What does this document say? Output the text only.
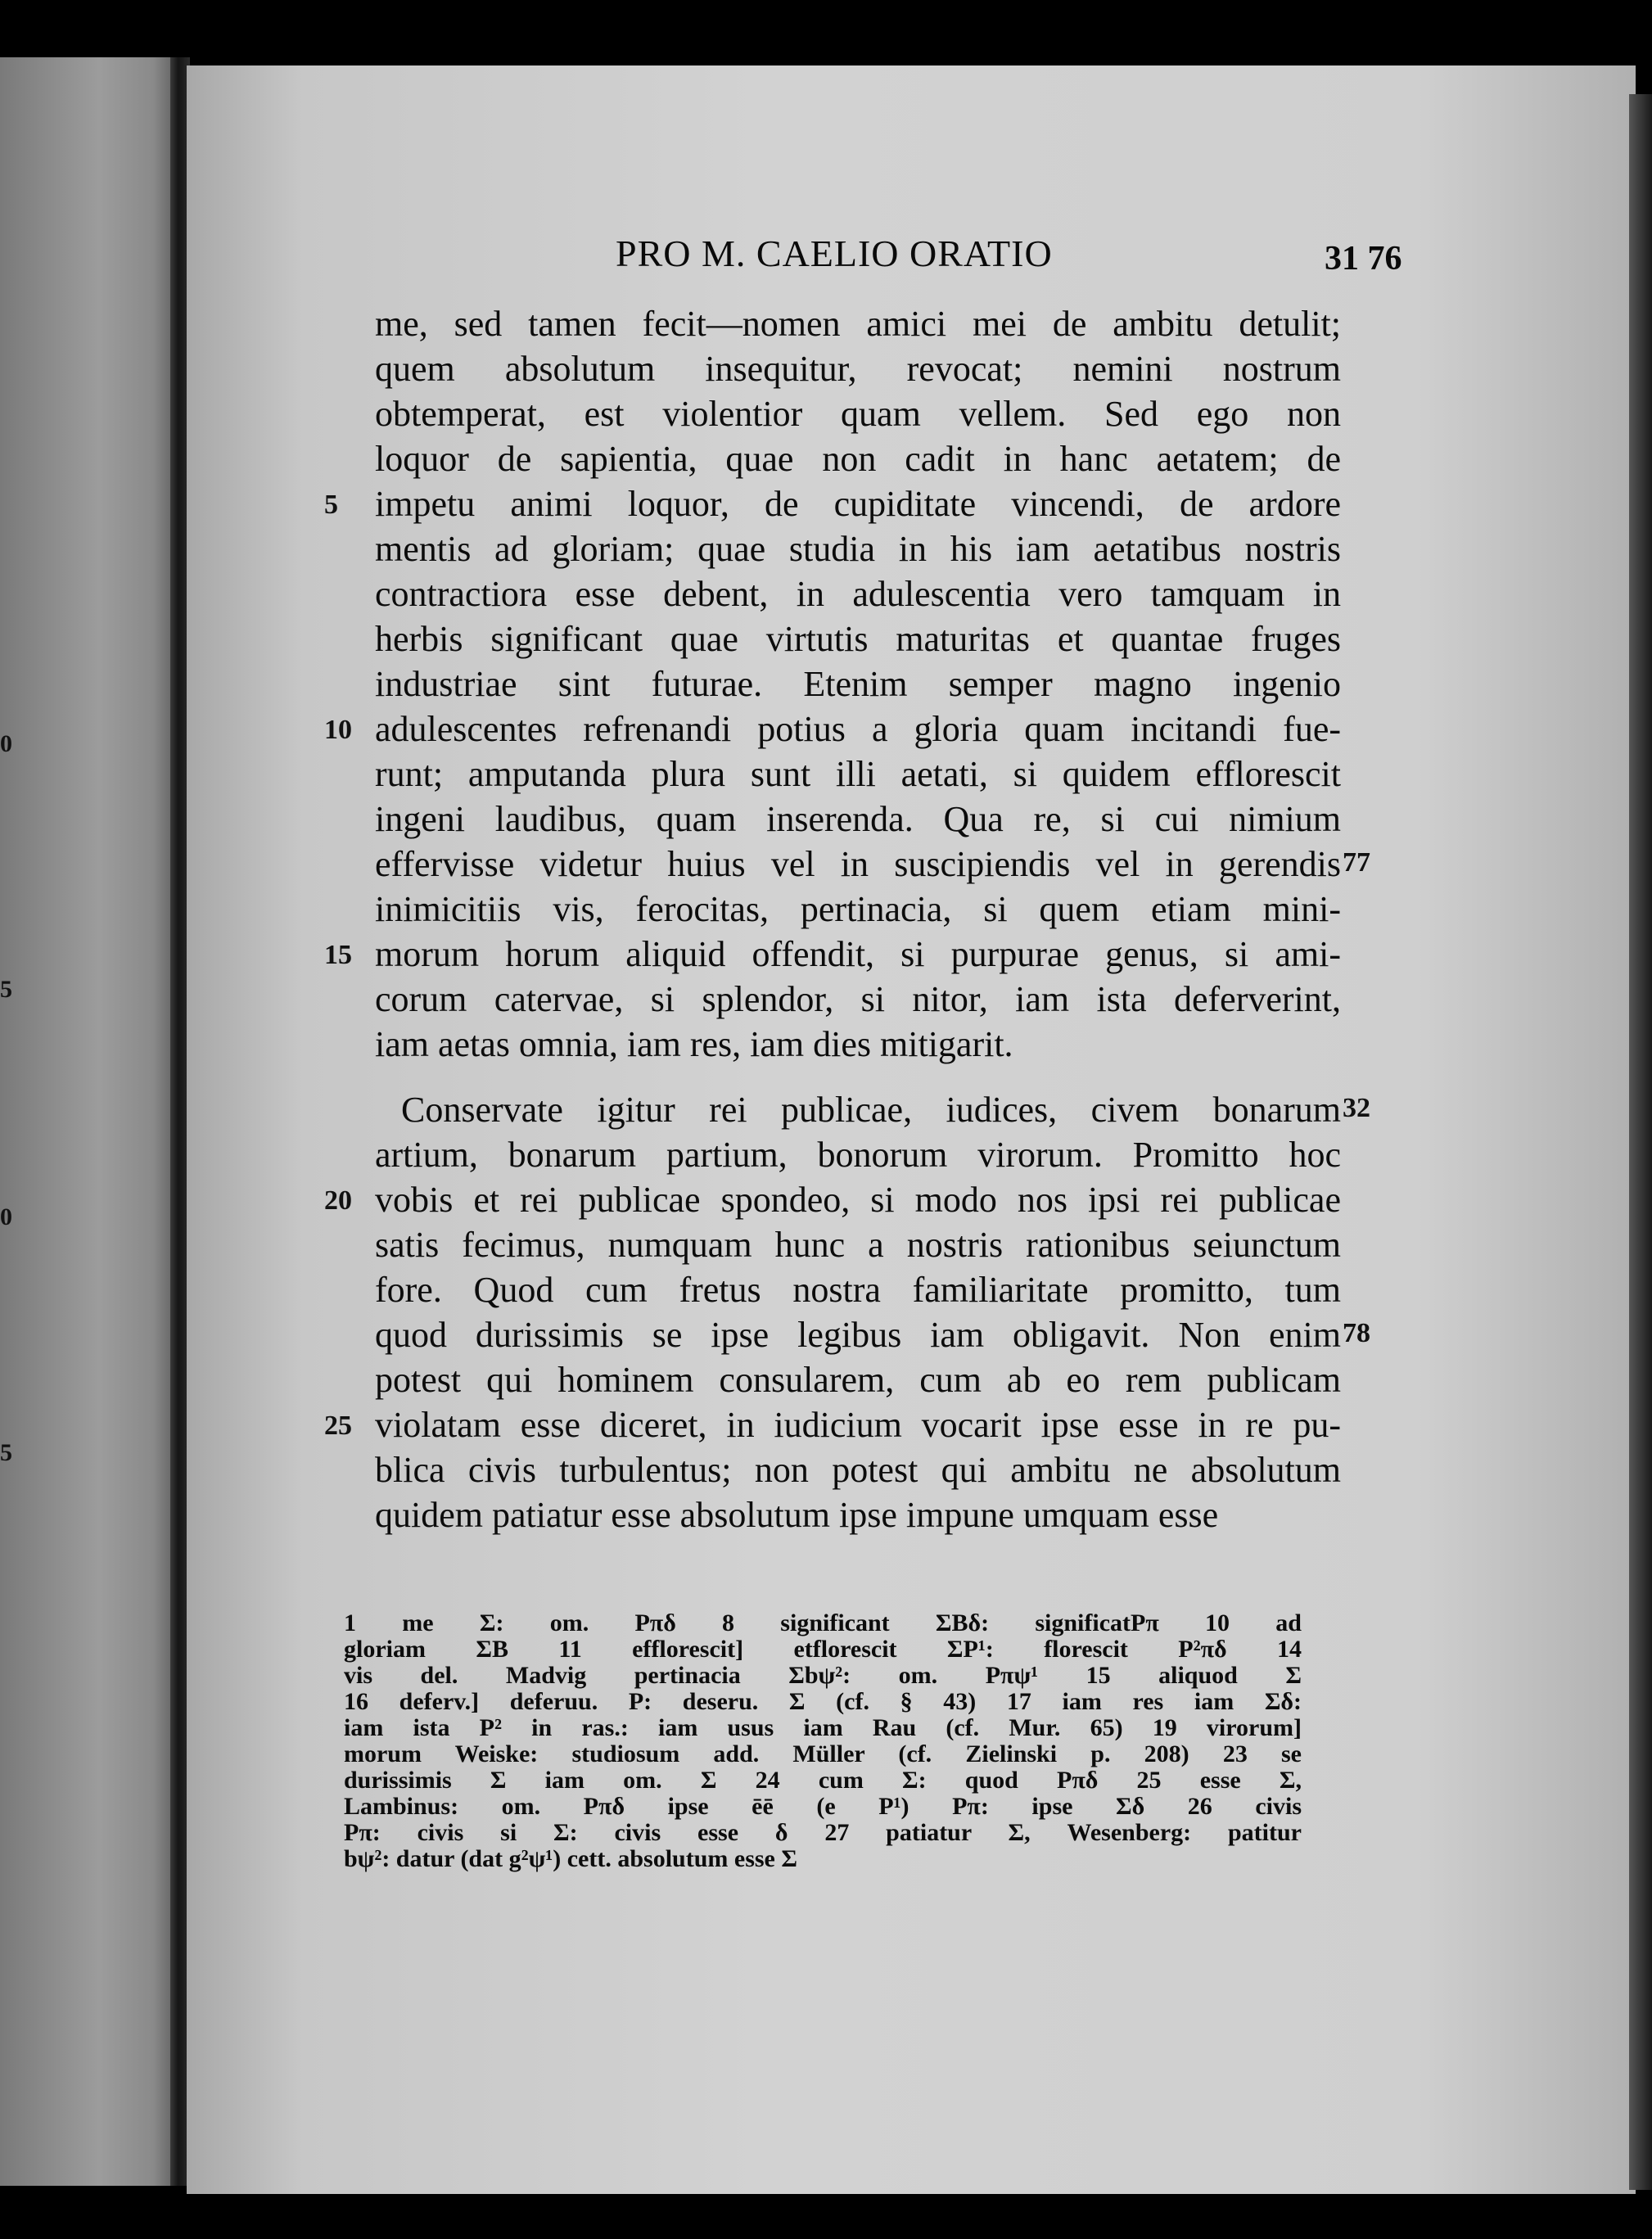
0
5
0
5
PRO M. CAELIO ORATIO	31 76
me, sed tamen fecit—nomen amici mei de ambitu detulit;
quem absolutum insequitur, revocat; nemini nostrum
obtemperat, est violentior quam vellem. Sed ego non
loquor de sapientia, quae non cadit in hanc aetatem; de
impetu animi loquor, de cupiditate vincendi, de ardore
mentis ad gloriam; quae studia in his iam aetatibus nostris
contractiora esse debent, in adulescentia vero tamquam in
herbis significant quae virtutis maturitas et quantae fruges
industriae sint futurae. Etenim semper magno ingenio
adulescentes refrenandi potius a gloria quam incitandi fue-
runt; amputanda plura sunt illi aetati, si quidem efflorescit
ingeni laudibus, quam inserenda. Qua re, si cui nimium
effervisse videtur huius vel in suscipiendis vel in gerendis
inimicitiis vis, ferocitas, pertinacia, si quem etiam mini-
morum horum aliquid offendit, si purpurae genus, si ami-
corum catervae, si splendor, si nitor, iam ista deferverint,
iam aetas omnia, iam res, iam dies mitigarit.
Conservate igitur rei publicae, iudices, civem bonarum
artium, bonarum partium, bonorum virorum. Promitto hoc
vobis et rei publicae spondeo, si modo nos ipsi rei publicae
satis fecimus, numquam hunc a nostris rationibus seiunctum
fore. Quod cum fretus nostra familiaritate promitto, tum
quod durissimis se ipse legibus iam obligavit. Non enim
potest qui hominem consularem, cum ab eo rem publicam
violatam esse diceret, in iudicium vocarit ipse esse in re pu-
blica civis turbulentus; non potest qui ambitu ne absolutum
quidem patiatur esse absolutum ipse impune umquam esse
5
10
15
20
25
77
32
78
1 me Σ: om. Pπδ 8 significant ΣBδ: significatPπ 10 ad
gloriam ΣB 11 efflorescit] etflorescit ΣP¹: florescit P²πδ 14
vis del. Madvig pertinacia Σbψ²: om. Pπψ¹ 15 aliquod Σ
16 deferv.] deferuu. P: deseru. Σ (cf. § 43) 17 iam res iam Σδ:
iam ista P² in ras.: iam usus iam Rau (cf. Mur. 65) 19 virorum]
morum Weiske: studiosum add. Müller (cf. Zielinski p. 208) 23 se
durissimis Σ iam om. Σ 24 cum Σ: quod Pπδ 25 esse Σ,
Lambinus: om. Pπδ ipse ēē (e P¹) Pπ: ipse Σδ 26 civis
Pπ: civis si Σ: civis esse δ 27 patiatur Σ, Wesenberg: patitur
bψ²: datur (dat g²ψ¹) cett. absolutum esse Σ
